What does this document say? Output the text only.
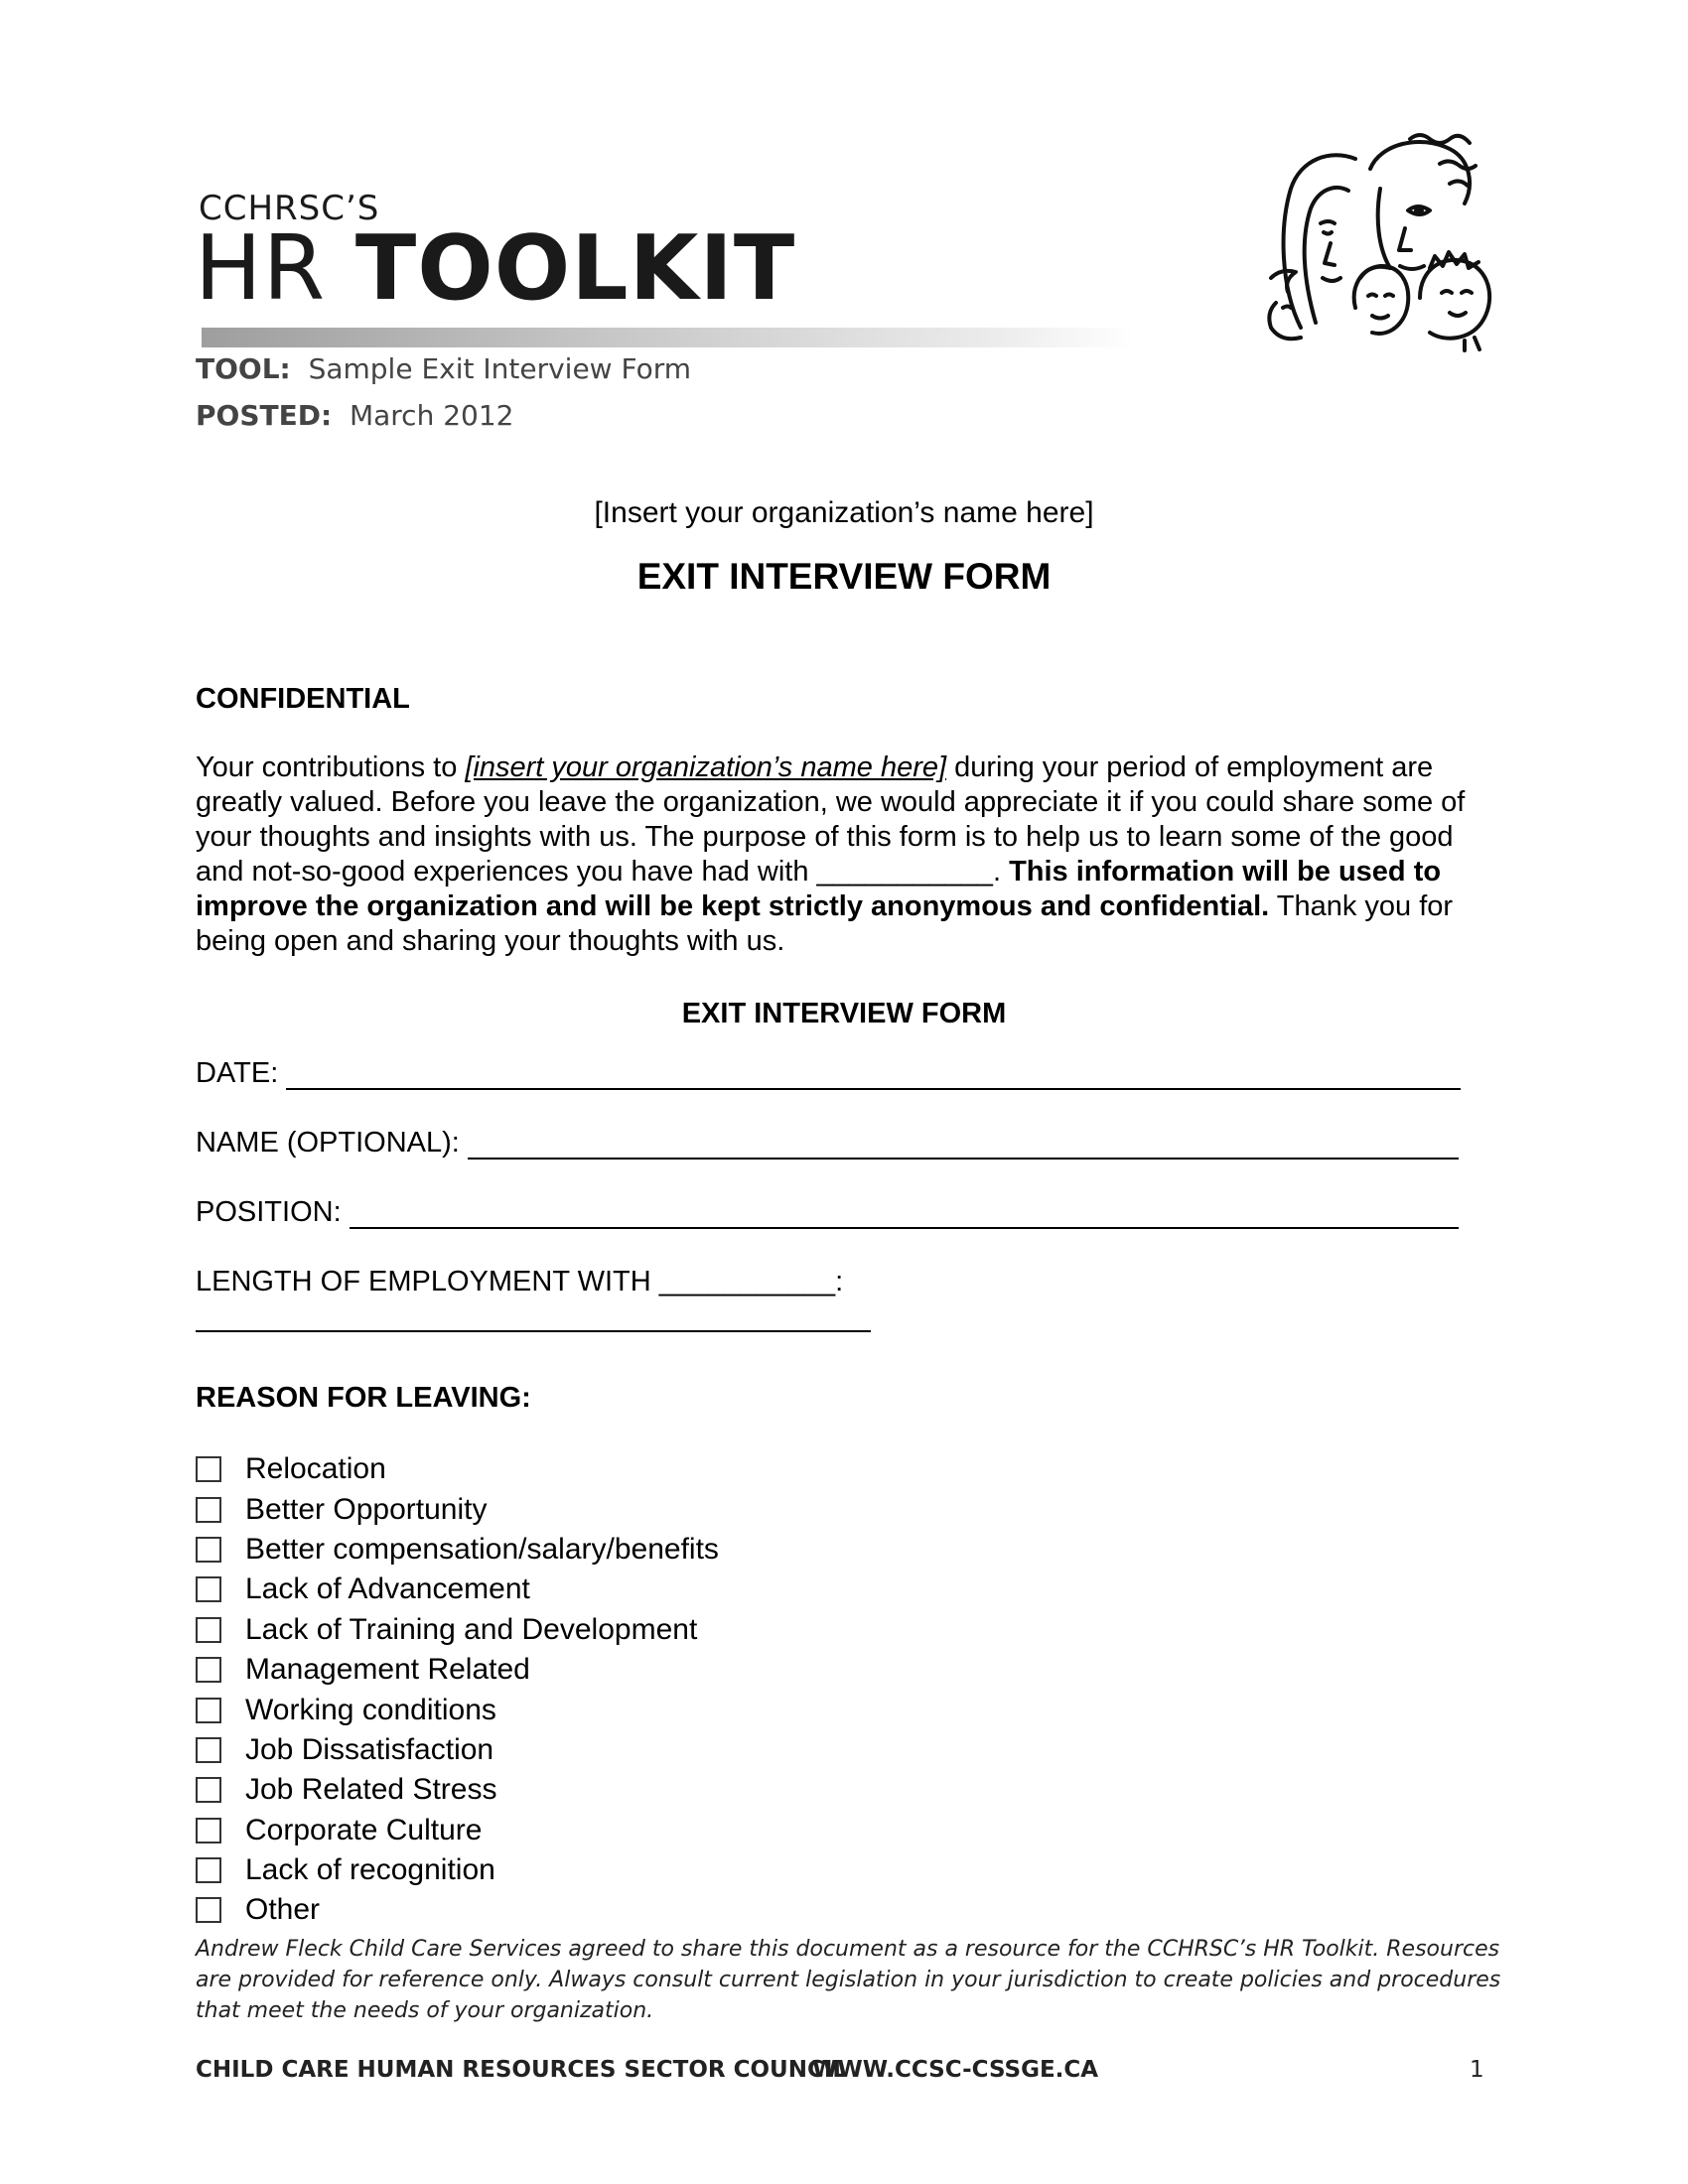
CCHRSC’S
HR TOOLKIT
TOOL: Sample Exit Interview Form
POSTED: March 2012
[Insert your organization’s name here]
EXIT INTERVIEW FORM
CONFIDENTIAL
Your contributions to [insert your organization’s name here] during your period of employment are greatly valued. Before you leave the organization, we would appreciate it if you could share some of your thoughts and insights with us. The purpose of this form is to help us to learn some of the good and not-so-good experiences you have had with ___________. This information will be used to improve the organization and will be kept strictly anonymous and confidential. Thank you for being open and sharing your thoughts with us.
EXIT INTERVIEW FORM
DATE:
NAME (OPTIONAL):
POSITION:
LENGTH OF EMPLOYMENT WITH ___________:
REASON FOR LEAVING:
Relocation
Better Opportunity
Better compensation/salary/benefits
Lack of Advancement
Lack of Training and Development
Management Related
Working conditions
Job Dissatisfaction
Job Related Stress
Corporate Culture
Lack of recognition
Other
Andrew Fleck Child Care Services agreed to share this document as a resource for the CCHRSC’s HR Toolkit. Resources are provided for reference only. Always consult current legislation in your jurisdiction to create policies and procedures that meet the needs of your organization.
CHILD CARE HUMAN RESOURCES SECTOR COUNCIL
WWW.CCSC-CSSGE.CA	1
